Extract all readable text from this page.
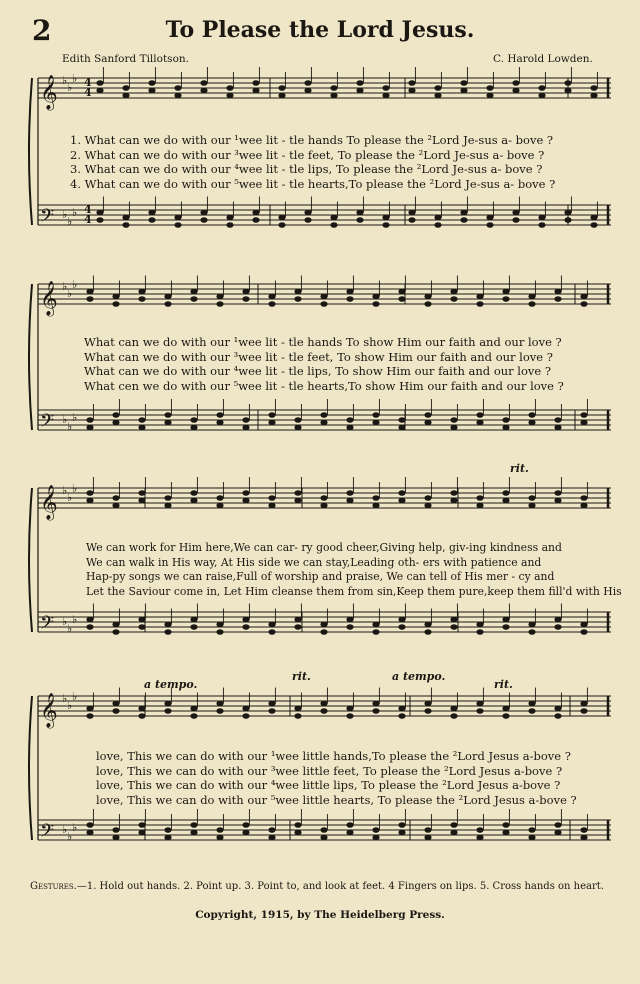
2	To Please the Lord Jesus.
Edith Sanford Tillotson.	C. Harold Lowden.
𝄞 ♭
♭
♭
𝄢 ♭
♭
♭
𝄞 ♭
♭
♭
𝄢 ♭
♭
♭
𝄞 ♭
♭
♭
𝄢 ♭
♭
♭
𝄞 ♭
♭
♭
𝄢 ♭
♭
♭
4
4
4
4
1. What can we do with our ¹wee lit - tle hands To please the ²Lord Je-sus a- bove ?
2. What can we do with our ³wee lit - tle feet, To please the ²Lord Je-sus a- bove ?
3. What can we do with our ⁴wee lit - tle lips, To please the ²Lord Je-sus a- bove ?
4. What can we do with our ⁵wee lit - tle hearts,To please the ²Lord Je-sus a- bove ?
What can we do with our ¹wee lit - tle hands To show Him our faith and our love ?
What can we do with our ³wee lit - tle feet, To show Him our faith and our love ?
What can we do with our ⁴wee lit - tle lips, To show Him our faith and our love ?
What cen we do with our ⁵wee lit - tle hearts,To show Him our faith and our love ?
We can work for Him here,We can car- ry good cheer,Giving help, giv-ing kindness and
We can walk in His way, At His side we can stay,Leading oth- ers with patience and
Hap-py songs we can raise,Full of worship and praise, We can tell of His mer - cy and
Let the Saviour come in, Let Him cleanse them from sin,Keep them pure,keep them fill'd with His
love, This we can do with our ¹wee little hands,To please the ²Lord Jesus a-bove ?
love, This we can do with our ³wee little feet, To please the ²Lord Jesus a-bove ?
love, This we can do with our ⁴wee little lips, To please the ²Lord Jesus a-bove ?
love, This we can do with our ⁵wee little hearts, To please the ²Lord Jesus a-bove ?
rit.
a tempo.
rit.	a tempo.
rit.
Gestures.—1. Hold out hands. 2. Point up. 3. Point to, and look at feet. 4 Fingers on lips. 5. Cross hands on heart.
Copyright, 1915, by The Heidelberg Press.
